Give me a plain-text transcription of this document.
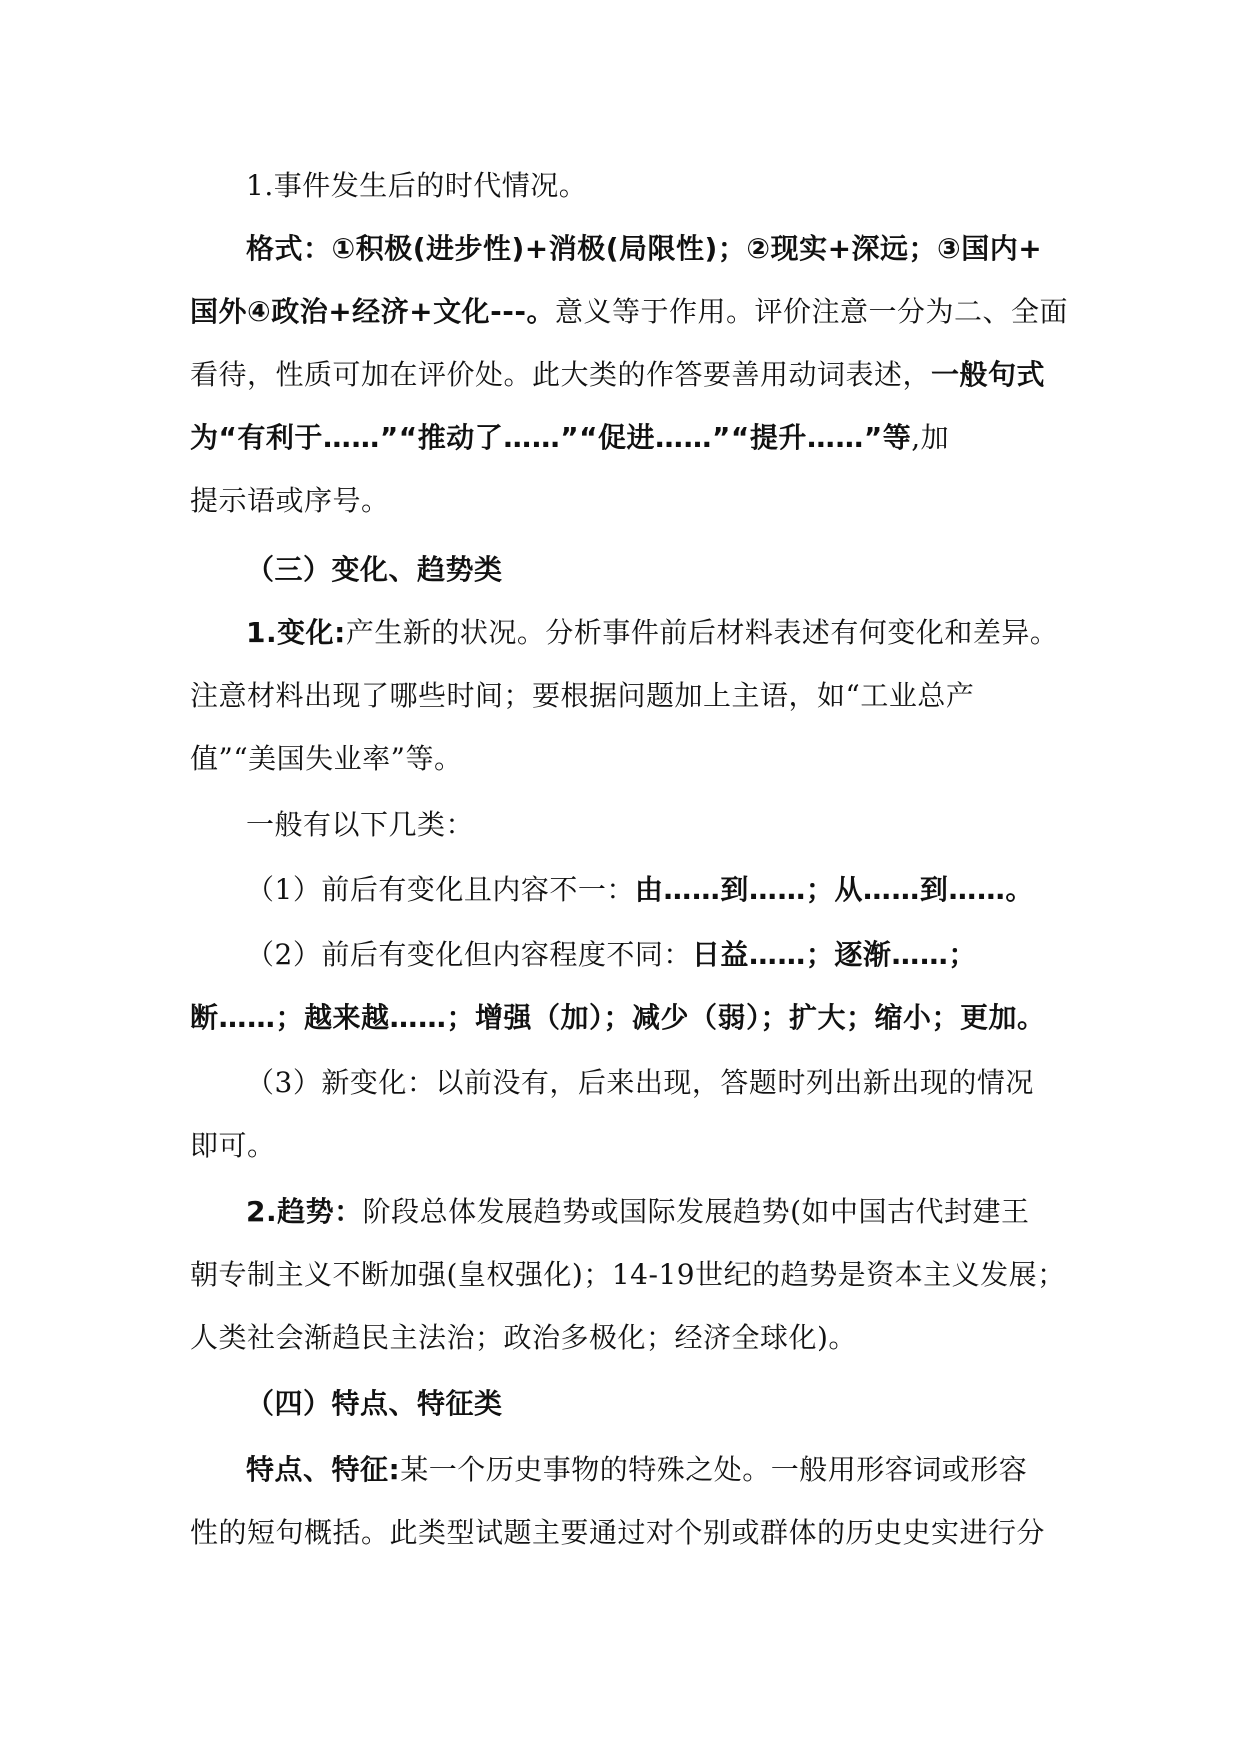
1.事件发生后的时代情况。
格式：①积极(进步性)+消极(局限性)；②现实+深远；③国内+
国外④政治+经济+文化---。意义等于作用。评价注意一分为二、全面
看待，性质可加在评价处。此大类的作答要善用动词表述，一般句式
为“有利于……”“推动了……”“促进……”“提升……”等,加
提示语或序号。
（三）变化、趋势类
1.变化:产生新的状况。分析事件前后材料表述有何变化和差异。
注意材料出现了哪些时间；要根据问题加上主语，如“工业总产
值”“美国失业率”等。
一般有以下几类：
（1）前后有变化且内容不一：由……到……；从……到……。
（2）前后有变化但内容程度不同：日益……；逐渐……；
断……；越来越……；增强（加）；减少（弱）；扩大；缩小；更加。
（3）新变化：以前没有，后来出现，答题时列出新出现的情况
即可。
2.趋势：阶段总体发展趋势或国际发展趋势(如中国古代封建王
朝专制主义不断加强(皇权强化)；14-19世纪的趋势是资本主义发展；
人类社会渐趋民主法治；政治多极化；经济全球化)。
（四）特点、特征类
特点、特征:某一个历史事物的特殊之处。一般用形容词或形容
性的短句概括。此类型试题主要通过对个别或群体的历史史实进行分
